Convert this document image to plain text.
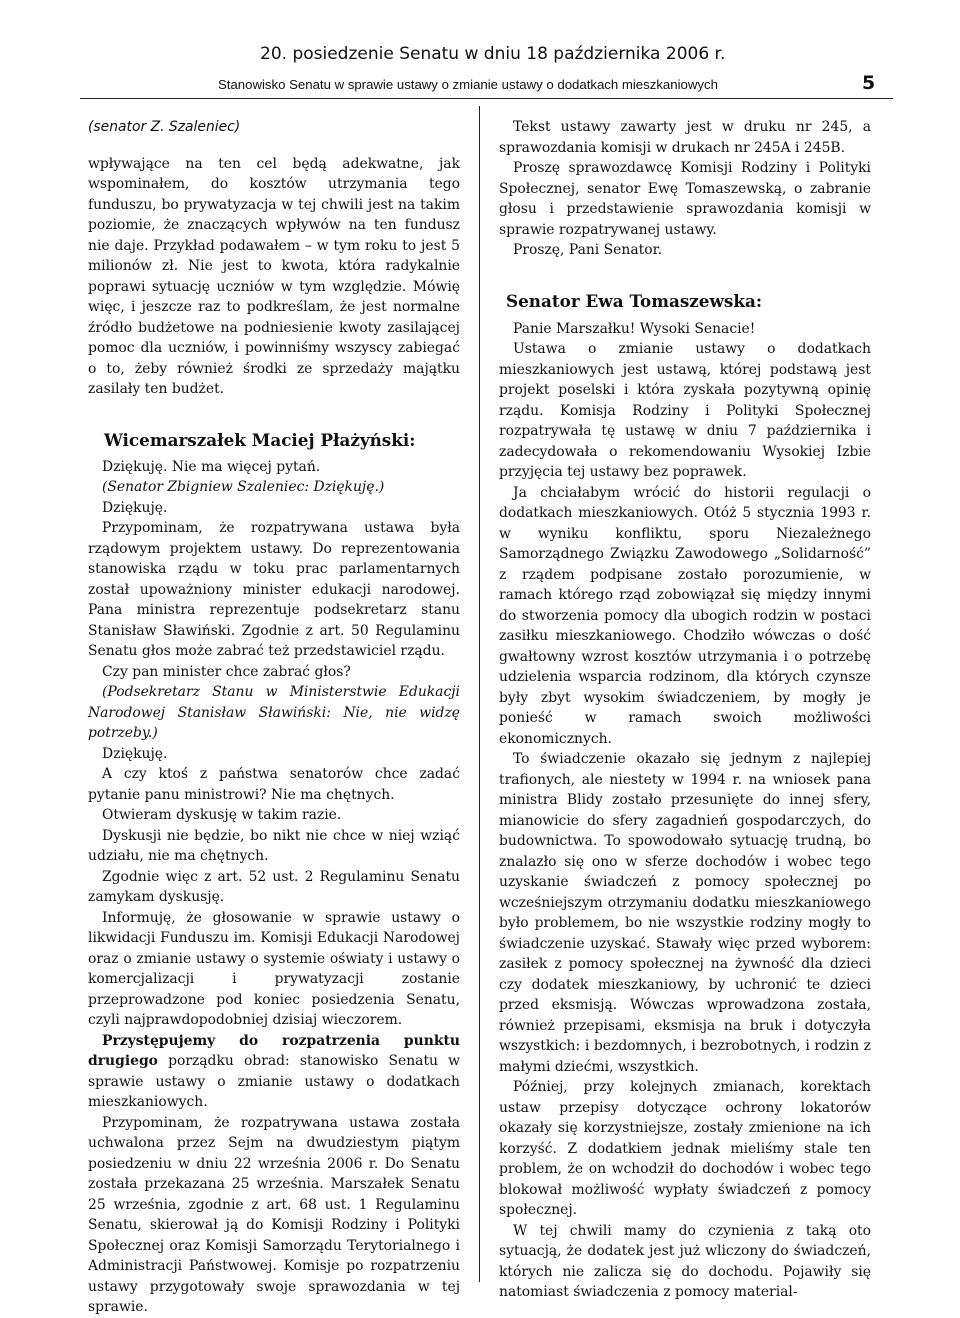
20. posiedzenie Senatu w dniu 18 października 2006 r.
Stanowisko Senatu w sprawie ustawy o zmianie ustawy o dodatkach mieszkaniowych	5

(senator Z. Szaleniec)

wpływające na ten cel będą adekwatne, jak wspominałem, do kosztów utrzymania tego funduszu, bo prywatyzacja w tej chwili jest na takim poziomie, że znaczących wpływów na ten fundusz nie daje. Przykład podawałem – w tym roku to jest 5 milionów zł. Nie jest to kwota, która radykalnie poprawi sytuację uczniów w tym względzie. Mówię więc, i jeszcze raz to podkreślam, że jest normalne źródło budżetowe na podniesienie kwoty zasilającej pomoc dla uczniów, i powinniśmy wszyscy zabiegać o to, żeby również środki ze sprzedaży majątku zasilały ten budżet.

Wicemarszałek Maciej Płażyński:

Dziękuję. Nie ma więcej pytań.

(Senator Zbigniew Szaleniec: Dziękuję.)

Dziękuję.

Przypominam, że rozpatrywana ustawa była rządowym projektem ustawy. Do reprezentowania stanowiska rządu w toku prac parlamentarnych został upoważniony minister edukacji narodowej. Pana ministra reprezentuje podsekretarz stanu Stanisław Sławiński. Zgodnie z art. 50 Regulaminu Senatu głos może zabrać też przedstawiciel rządu.

Czy pan minister chce zabrać głos?

(Podsekretarz Stanu w Ministerstwie Edukacji Narodowej Stanisław Sławiński: Nie, nie widzę potrzeby.)

Dziękuję.

A czy ktoś z państwa senatorów chce zadać pytanie panu ministrowi? Nie ma chętnych.

Otwieram dyskusję w takim razie.

Dyskusji nie będzie, bo nikt nie chce w niej wziąć udziału, nie ma chętnych.

Zgodnie więc z art. 52 ust. 2 Regulaminu Senatu zamykam dyskusję.

Informuję, że głosowanie w sprawie ustawy o likwidacji Funduszu im. Komisji Edukacji Narodowej oraz o zmianie ustawy o systemie oświaty i ustawy o komercjalizacji i prywatyzacji zostanie przeprowadzone pod koniec posiedzenia Senatu, czyli najprawdopodobniej dzisiaj wieczorem.

Przystępujemy do rozpatrzenia punktu drugiego porządku obrad: stanowisko Senatu w sprawie ustawy o zmianie ustawy o dodatkach mieszkaniowych.

Przypominam, że rozpatrywana ustawa została uchwalona przez Sejm na dwudziestym piątym posiedzeniu w dniu 22 września 2006 r. Do Senatu została przekazana 25 września. Marszałek Senatu 25 września, zgodnie z art. 68 ust. 1 Regulaminu Senatu, skierował ją do Komisji Rodziny i Polityki Społecznej oraz Komisji Samorządu Terytorialnego i Administracji Państwowej. Komisje po rozpatrzeniu ustawy przygotowały swoje sprawozdania w tej sprawie.

Tekst ustawy zawarty jest w druku nr 245, a sprawozdania komisji w drukach nr 245A i 245B.

Proszę sprawozdawcę Komisji Rodziny i Polityki Społecznej, senator Ewę Tomaszewską, o zabranie głosu i przedstawienie sprawozdania komisji w sprawie rozpatrywanej ustawy.

Proszę, Pani Senator.

Senator Ewa Tomaszewska:

Panie Marszałku! Wysoki Senacie!

Ustawa o zmianie ustawy o dodatkach mieszkaniowych jest ustawą, której podstawą jest projekt poselski i która zyskała pozytywną opinię rządu. Komisja Rodziny i Polityki Społecznej rozpatrywała tę ustawę w dniu 7 października i zadecydowała o rekomendowaniu Wysokiej Izbie przyjęcia tej ustawy bez poprawek.

Ja chciałabym wrócić do historii regulacji o dodatkach mieszkaniowych. Otóż 5 stycznia 1993 r. w wyniku konfliktu, sporu Niezależnego Samorządnego Związku Zawodowego „Solidarność” z rządem podpisane zostało porozumienie, w ramach którego rząd zobowiązał się między innymi do stworzenia pomocy dla ubogich rodzin w postaci zasiłku mieszkaniowego. Chodziło wówczas o dość gwałtowny wzrost kosztów utrzymania i o potrzebę udzielenia wsparcia rodzinom, dla których czynsze były zbyt wysokim świadczeniem, by mogły je ponieść w ramach swoich możliwości ekonomicznych.

To świadczenie okazało się jednym z najlepiej trafionych, ale niestety w 1994 r. na wniosek pana ministra Blidy zostało przesunięte do innej sfery, mianowicie do sfery zagadnień gospodarczych, do budownictwa. To spowodowało sytuację trudną, bo znalazło się ono w sferze dochodów i wobec tego uzyskanie świadczeń z pomocy społecznej po wcześniejszym otrzymaniu dodatku mieszkaniowego było problemem, bo nie wszystkie rodziny mogły to świadczenie uzyskać. Stawały więc przed wyborem: zasiłek z pomocy społecznej na żywność dla dzieci czy dodatek mieszkaniowy, by uchronić te dzieci przed eksmisją. Wówczas wprowadzona została, również przepisami, eksmisja na bruk i dotyczyła wszystkich: i bezdomnych, i bezrobotnych, i rodzin z małymi dziećmi, wszystkich.

Później, przy kolejnych zmianach, korektach ustaw przepisy dotyczące ochrony lokatorów okazały się korzystniejsze, zostały zmienione na ich korzyść. Z dodatkiem jednak mieliśmy stale ten problem, że on wchodził do dochodów i wobec tego blokował możliwość wypłaty świadczeń z pomocy społecznej.

W tej chwili mamy do czynienia z taką oto sytuacją, że dodatek jest już wliczony do świadczeń, których nie zalicza się do dochodu. Pojawiły się natomiast świadczenia z pomocy material-
